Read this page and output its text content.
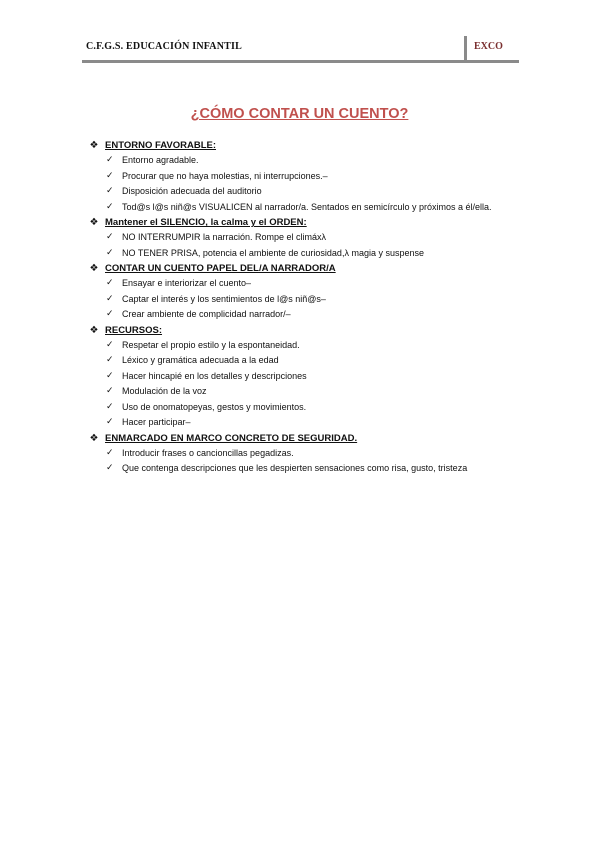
C.F.G.S. EDUCACIÓN INFANTIL	EXCO
¿CÓMO CONTAR UN CUENTO?
❖ ENTORNO FAVORABLE:
✓ Entorno agradable.
✓ Procurar que no haya molestias, ni interrupciones.–
✓ Disposición adecuada del auditorio
✓ Tod@s l@s niñ@s VISUALICEN al narrador/a. Sentados en semicírculo y próximos a él/ella.
❖ Mantener el SILENCIO, la calma y el ORDEN:
✓ NO INTERRUMPIR la narración. Rompe el climáxλ
✓ NO TENER PRISA, potencia el ambiente de curiosidad,λ magia y suspense
❖ CONTAR UN CUENTO PAPEL DEL/A NARRADOR/A
✓ Ensayar e interiorizar el cuento–
✓ Captar el interés y los sentimientos de l@s niñ@s–
✓ Crear ambiente de complicidad narrador/–
❖ RECURSOS:
✓ Respetar el propio estilo y la espontaneidad.
✓ Léxico y gramática adecuada a la edad
✓ Hacer hincapié en los detalles y descripciones
✓ Modulación de la voz
✓ Uso de onomatopeyas, gestos y movimientos.
✓ Hacer participar–
❖ ENMARCADO EN MARCO CONCRETO DE SEGURIDAD.
✓ Introducir frases o cancioncillas pegadizas.
✓ Que contenga descripciones que les despierten sensaciones como risa, gusto, tristeza
